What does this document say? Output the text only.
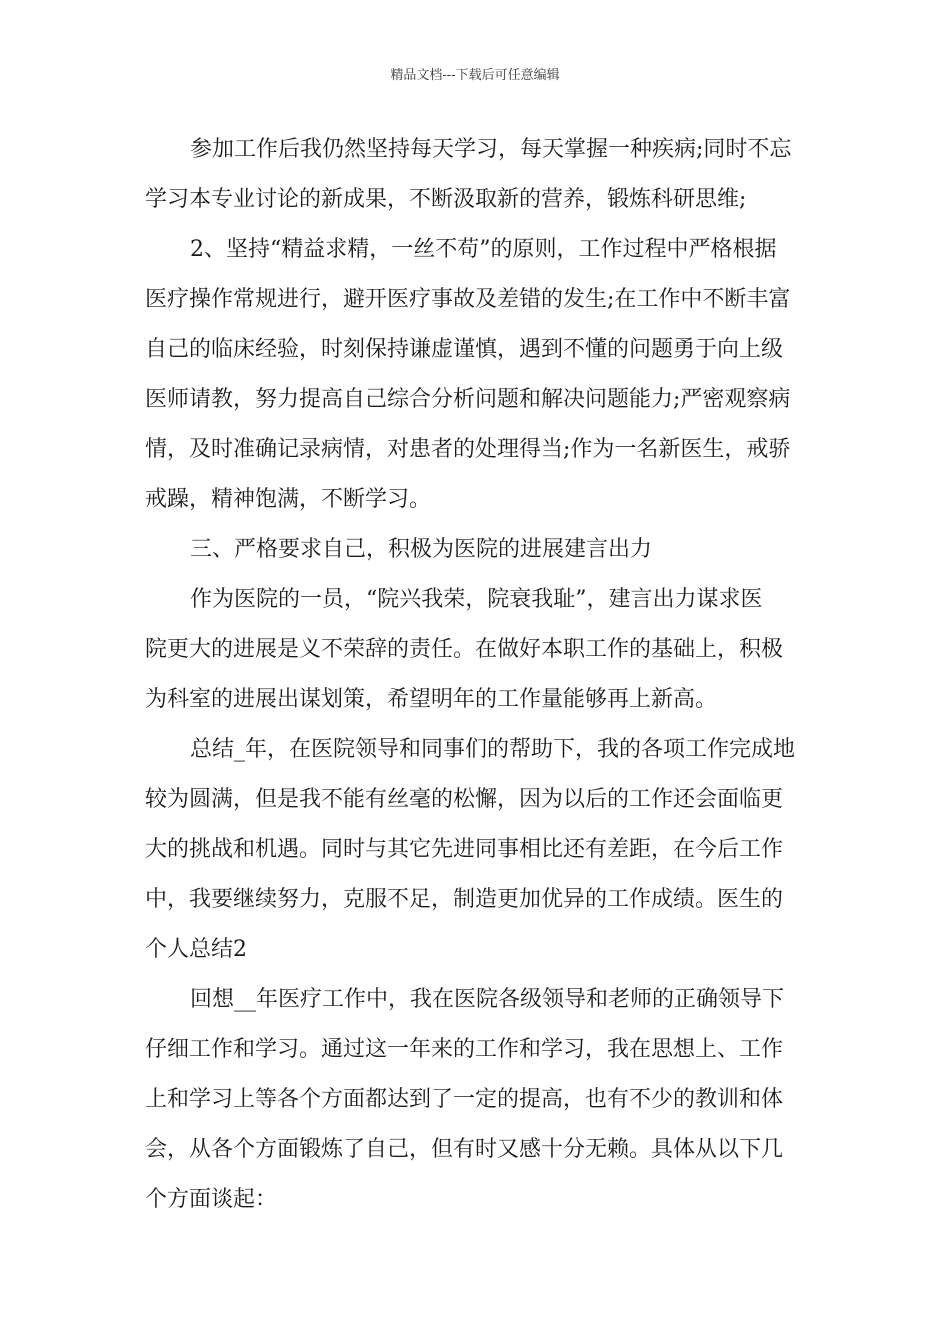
精品文档---下载后可任意编辑
参加工作后我仍然坚持每天学习，每天掌握一种疾病;同时不忘
学习本专业讨论的新成果，不断汲取新的营养，锻炼科研思维;
2、坚持“精益求精，一丝不苟”的原则，工作过程中严格根据
医疗操作常规进行，避开医疗事故及差错的发生;在工作中不断丰富
自己的临床经验，时刻保持谦虚谨慎，遇到不懂的问题勇于向上级
医师请教，努力提高自己综合分析问题和解决问题能力;严密观察病
情，及时准确记录病情，对患者的处理得当;作为一名新医生，戒骄
戒躁，精神饱满，不断学习。
三、严格要求自己，积极为医院的进展建言出力
作为医院的一员，“院兴我荣，院衰我耻”，建言出力谋求医
院更大的进展是义不荣辞的责任。在做好本职工作的基础上，积极
为科室的进展出谋划策，希望明年的工作量能够再上新高。
总结_年，在医院领导和同事们的帮助下，我的各项工作完成地
较为圆满，但是我不能有丝毫的松懈，因为以后的工作还会面临更
大的挑战和机遇。同时与其它先进同事相比还有差距，在今后工作
中，我要继续努力，克服不足，制造更加优异的工作成绩。医生的
个人总结2
回想__年医疗工作中，我在医院各级领导和老师的正确领导下
仔细工作和学习。通过这一年来的工作和学习，我在思想上、工作
上和学习上等各个方面都达到了一定的提高，也有不少的教训和体
会，从各个方面锻炼了自己，但有时又感十分无赖。具体从以下几
个方面谈起：
